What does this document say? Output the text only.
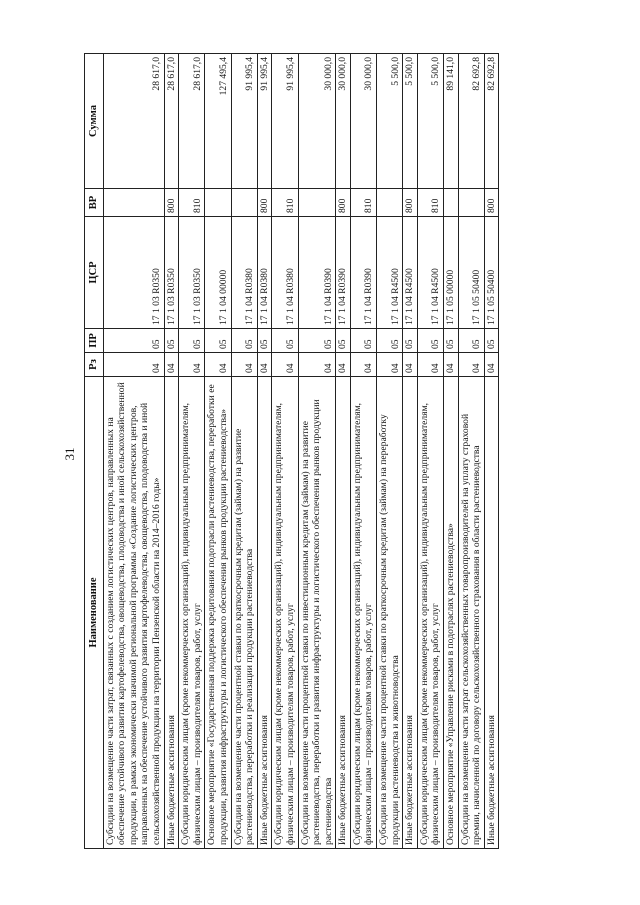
31
Наименование	Рз	ПР	ЦСР	ВР	Сумма
Субсидии на возмещение части затрат, связанных с созданием логистических центров, направленных на обеспечение устойчивого развития картофелеводства, овощеводства, плодоводства и иной сельскохозяйственной продукции, в рамках экономически значимой региональной программы «Создание логистических центров, направленных на обеспечение устойчивого развития картофелеводства, овощеводства, плодоводства и иной сельскохозяйственной продукции на территории Пензенской области на 2014–2016 годы»	04	05	17 1 03 R0350		28 617,0
Иные бюджетные ассигнования	04	05	17 1 03 R0350	800	28 617,0
Субсидии юридическим лицам (кроме некоммерческих организаций), индивидуальным предпринимателям, физическим лицам – производителям товаров, работ, услуг	04	05	17 1 03 R0350	810	28 617,0
Основное мероприятие «Государственная поддержка кредитования подотрасли растениеводства, переработки ее продукции, развития инфраструктуры и логистического обеспечения рынков продукции растениеводства»	04	05	17 1 04 00000		127 495,4
Субсидии на возмещение части процентной ставки по краткосрочным кредитам (займам) на развитие растениеводства, переработки и реализации продукции растениеводства	04	05	17 1 04 R0380		91 995,4
Иные бюджетные ассигнования	04	05	17 1 04 R0380	800	91 995,4
Субсидии юридическим лицам (кроме некоммерческих организаций), индивидуальным предпринимателям, физическим лицам – производителям товаров, работ, услуг	04	05	17 1 04 R0380	810	91 995,4
Субсидии на возмещение части процентной ставки по инвестиционным кредитам (займам) на развитие растениеводства, переработки и развития инфраструктуры и логистического обеспечения рынков продукции растениеводства	04	05	17 1 04 R0390		30 000,0
Иные бюджетные ассигнования	04	05	17 1 04 R0390	800	30 000,0
Субсидии юридическим лицам (кроме некоммерческих организаций), индивидуальным предпринимателям, физическим лицам – производителям товаров, работ, услуг	04	05	17 1 04 R0390	810	30 000,0
Субсидии на возмещение части процентной ставки по краткосрочным кредитам (займам) на переработку продукции растениеводства и животноводства	04	05	17 1 04 R4500		5 500,0
Иные бюджетные ассигнования	04	05	17 1 04 R4500	800	5 500,0
Субсидии юридическим лицам (кроме некоммерческих организаций), индивидуальным предпринимателям, физическим лицам – производителям товаров, работ, услуг	04	05	17 1 04 R4500	810	5 500,0
Основное мероприятие «Управление рисками в подотраслях растениеводства»	04	05	17 1 05 00000		89 141,0
Субсидии на возмещение части затрат сельскохозяйственных товаропроизводителей на уплату страховой премии, начисленной по договору сельскохозяйственного страхования в области растениеводства	04	05	17 1 05 50400		82 692,8
Иные бюджетные ассигнования	04	05	17 1 05 50400	800	82 692,8
